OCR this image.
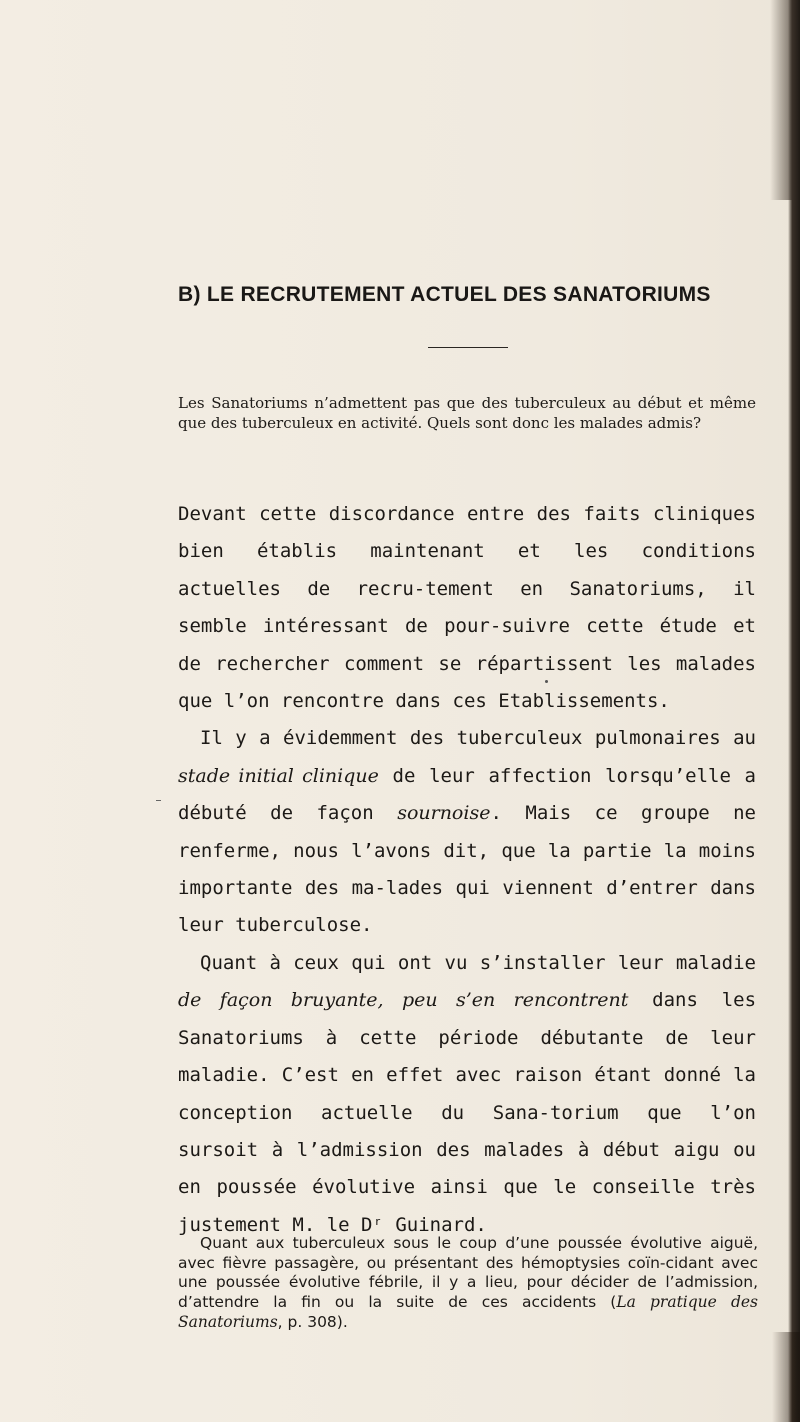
B) LE RECRUTEMENT ACTUEL DES SANATORIUMS

Les Sanatoriums n’admettent pas que des tuberculeux au début et même que des tuberculeux en activité. Quels sont donc les malades admis?

Devant cette discordance entre des faits cliniques bien établis maintenant et les conditions actuelles de recru-tement en Sanatoriums, il semble intéressant de pour-suivre cette étude et de rechercher comment se répartissent les malades que l’on rencontre dans ces Etablissements.

Il y a évidemment des tuberculeux pulmonaires au stade initial clinique de leur affection lorsqu’elle a débuté de façon sournoise. Mais ce groupe ne renferme, nous l’avons dit, que la partie la moins importante des ma-lades qui viennent d’entrer dans leur tuberculose.

Quant à ceux qui ont vu s’installer leur maladie de façon bruyante, peu s’en rencontrent dans les Sanatoriums à cette période débutante de leur maladie. C’est en effet avec raison étant donné la conception actuelle du Sana-torium que l’on sursoit à l’admission des malades à début aigu ou en poussée évolutive ainsi que le conseille très justement M. le Dʳ Guinard.

Quant aux tuberculeux sous le coup d’une poussée évolutive aiguë, avec fièvre passagère, ou présentant des hémoptysies coïn-cidant avec une poussée évolutive fébrile, il y a lieu, pour décider de l’admission, d’attendre la fin ou la suite de ces accidents (La pratique des Sanatoriums, p. 308).
